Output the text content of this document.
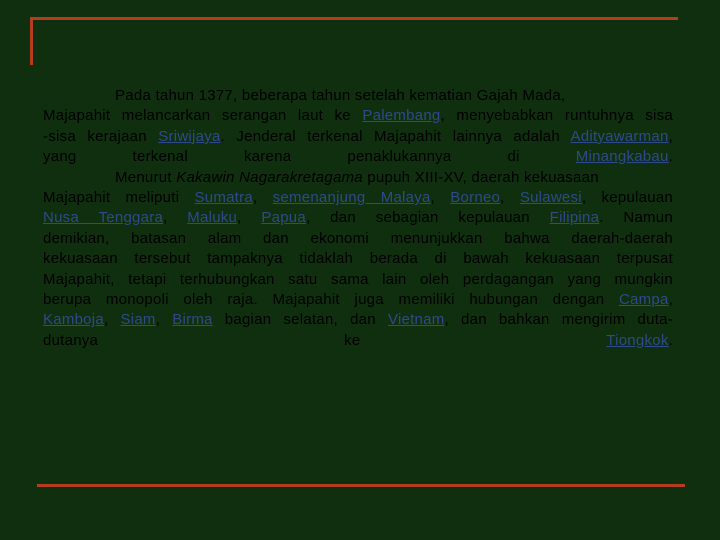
Pada tahun 1377, beberapa tahun setelah kematian Gajah Mada,
Majapahit melancarkan serangan laut ke Palembang, menyebabkan runtuhnya sisa
-sisa kerajaan Sriwijaya. Jenderal terkenal Majapahit lainnya adalah Adityawarman,
yang terkenal karena penaklukannya di Minangkabau.
Menurut Kakawin Nagarakretagama pupuh XIII-XV, daerah kekuasaan
Majapahit meliputi Sumatra, semenanjung Malaya, Borneo, Sulawesi, kepulauan
Nusa Tenggara, Maluku, Papua, dan sebagian kepulauan Filipina. Namun
demikian, batasan alam dan ekonomi menunjukkan bahwa daerah-daerah
kekuasaan tersebut tampaknya tidaklah berada di bawah kekuasaan terpusat
Majapahit, tetapi terhubungkan satu sama lain oleh perdagangan yang mungkin
berupa monopoli oleh raja. Majapahit juga memiliki hubungan dengan Campa,
Kamboja, Siam, Birma bagian selatan, dan Vietnam, dan bahkan mengirim duta-
dutanya ke Tiongkok.
